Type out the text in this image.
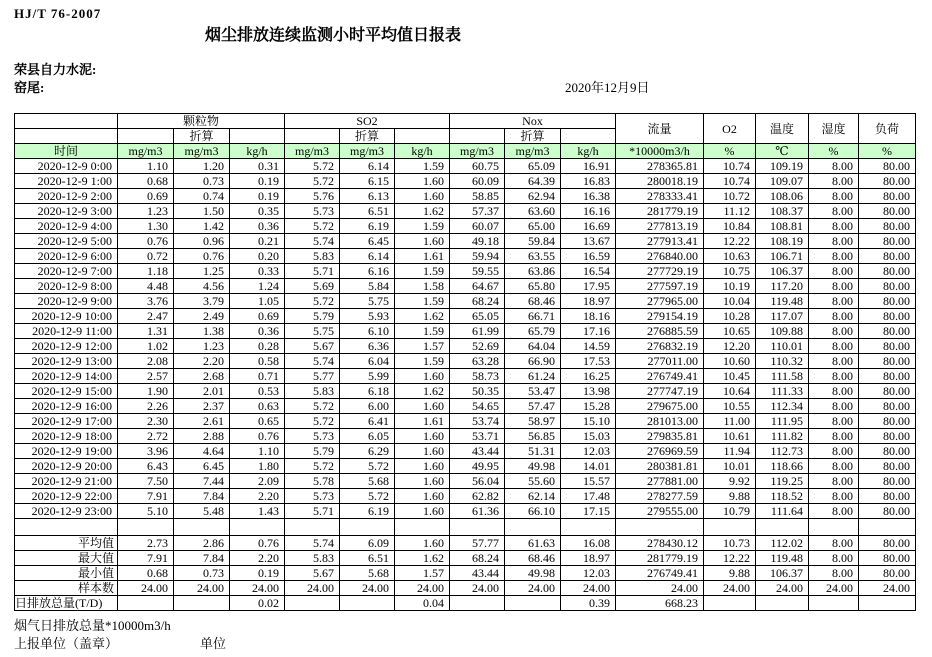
HJ/T 76-2007
烟尘排放连续监测小时平均值日报表
荣县自力水泥:
窑尾:	2020年12月9日
	颗粒物			SO2			Nox			流量	O2	温度	湿度	负荷
		折算			折算			折算						
时间	mg/m3	mg/m3	kg/h	mg/m3	mg/m3	kg/h	mg/m3	mg/m3	kg/h	*10000m3/h	%	℃	%	%
2020-12-9 0:00	1.10	1.20	0.31	5.72	6.14	1.59	60.75	65.09	16.91	278365.81	10.74	109.19	8.00	80.00
2020-12-9 1:00	0.68	0.73	0.19	5.72	6.15	1.60	60.09	64.39	16.83	280018.19	10.74	109.07	8.00	80.00
2020-12-9 2:00	0.69	0.74	0.19	5.76	6.13	1.60	58.85	62.94	16.38	278333.41	10.72	108.06	8.00	80.00
2020-12-9 3:00	1.23	1.50	0.35	5.73	6.51	1.62	57.37	63.60	16.16	281779.19	11.12	108.37	8.00	80.00
2020-12-9 4:00	1.30	1.42	0.36	5.72	6.19	1.59	60.07	65.00	16.69	277813.19	10.84	108.81	8.00	80.00
2020-12-9 5:00	0.76	0.96	0.21	5.74	6.45	1.60	49.18	59.84	13.67	277913.41	12.22	108.19	8.00	80.00
2020-12-9 6:00	0.72	0.76	0.20	5.83	6.14	1.61	59.94	63.55	16.59	276840.00	10.63	106.71	8.00	80.00
2020-12-9 7:00	1.18	1.25	0.33	5.71	6.16	1.59	59.55	63.86	16.54	277729.19	10.75	106.37	8.00	80.00
2020-12-9 8:00	4.48	4.56	1.24	5.69	5.84	1.58	64.67	65.80	17.95	277597.19	10.19	117.20	8.00	80.00
2020-12-9 9:00	3.76	3.79	1.05	5.72	5.75	1.59	68.24	68.46	18.97	277965.00	10.04	119.48	8.00	80.00
2020-12-9 10:00	2.47	2.49	0.69	5.79	5.93	1.62	65.05	66.71	18.16	279154.19	10.28	117.07	8.00	80.00
2020-12-9 11:00	1.31	1.38	0.36	5.75	6.10	1.59	61.99	65.79	17.16	276885.59	10.65	109.88	8.00	80.00
2020-12-9 12:00	1.02	1.23	0.28	5.67	6.36	1.57	52.69	64.04	14.59	276832.19	12.20	110.01	8.00	80.00
2020-12-9 13:00	2.08	2.20	0.58	5.74	6.04	1.59	63.28	66.90	17.53	277011.00	10.60	110.32	8.00	80.00
2020-12-9 14:00	2.57	2.68	0.71	5.77	5.99	1.60	58.73	61.24	16.25	276749.41	10.45	111.58	8.00	80.00
2020-12-9 15:00	1.90	2.01	0.53	5.83	6.18	1.62	50.35	53.47	13.98	277747.19	10.64	111.33	8.00	80.00
2020-12-9 16:00	2.26	2.37	0.63	5.72	6.00	1.60	54.65	57.47	15.28	279675.00	10.55	112.34	8.00	80.00
2020-12-9 17:00	2.30	2.61	0.65	5.72	6.41	1.61	53.74	58.97	15.10	281013.00	11.00	111.95	8.00	80.00
2020-12-9 18:00	2.72	2.88	0.76	5.73	6.05	1.60	53.71	56.85	15.03	279835.81	10.61	111.82	8.00	80.00
2020-12-9 19:00	3.96	4.64	1.10	5.79	6.29	1.60	43.44	51.31	12.03	276969.59	11.94	112.73	8.00	80.00
2020-12-9 20:00	6.43	6.45	1.80	5.72	5.72	1.60	49.95	49.98	14.01	280381.81	10.01	118.66	8.00	80.00
2020-12-9 21:00	7.50	7.44	2.09	5.78	5.68	1.60	56.04	55.60	15.57	277881.00	9.92	119.25	8.00	80.00
2020-12-9 22:00	7.91	7.84	2.20	5.73	5.72	1.60	62.82	62.14	17.48	278277.59	9.88	118.52	8.00	80.00
2020-12-9 23:00	5.10	5.48	1.43	5.71	6.19	1.60	61.36	66.10	17.15	279555.00	10.79	111.64	8.00	80.00

平均值	2.73	2.86	0.76	5.74	6.09	1.60	57.77	61.63	16.08	278430.12	10.73	112.02	8.00	80.00
最大值	7.91	7.84	2.20	5.83	6.51	1.62	68.24	68.46	18.97	281779.19	12.22	119.48	8.00	80.00
最小值	0.68	0.73	0.19	5.67	5.68	1.57	43.44	49.98	12.03	276749.41	9.88	106.37	8.00	80.00
样本数	24.00	24.00	24.00	24.00	24.00	24.00	24.00	24.00	24.00	24.00	24.00	24.00	24.00	24.00
日排放总量(T/D)			0.02			0.04			0.39	668.23				
烟气日排放总量*10000m3/h
上报单位（盖章）	单位
